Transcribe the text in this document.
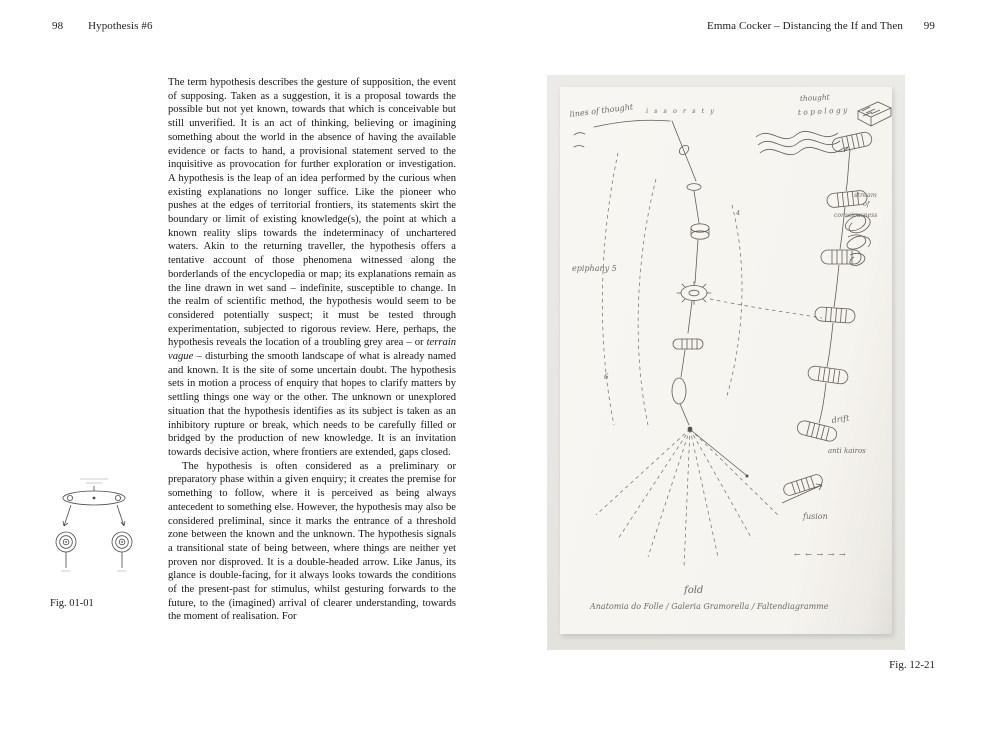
98 Hypothesis #6	Emma Cocker – Distancing the If and Then 99
Fig. 01-01

The term hypothesis describes the gesture of supposition, the event of supposing. Taken as a suggestion, it is a proposal towards the possible but not yet known, towards that which is conceivable but still unverified. It is an act of thinking, believing or imagining something about the world in the absence of having the available evidence or facts to hand, a provisional statement served to the inquisitive as provocation for further exploration or investigation. A hypothesis is the leap of an idea performed by the curious when existing explanations no longer suffice. Like the pioneer who pushes at the edges of territorial frontiers, its statements skirt the boundary or limit of existing knowledge(s), the point at which a known reality slips towards the indeterminacy of unchartered waters. Akin to the returning traveller, the hypothesis offers a tentative account of those phenomena witnessed along the borderlands of the encyclopedia or map; its explanations remain as the line drawn in wet sand – indefinite, susceptible to change. In the realm of scientific method, the hypothesis would seem to be considered potentially suspect; it must be tested through experimentation, subjected to rigorous review. Here, perhaps, the hypothesis reveals the location of a troubling grey area – or terrain vague – disturbing the smooth landscape of what is already named and known. It is the site of some uncertain doubt. The hypothesis sets in motion a process of enquiry that hopes to clarify matters by settling things one way or the other. The unknown or unexplored situation that the hypothesis identifies as its subject is taken as an inhibitory rupture or break, which needs to be carefully filled or bridged by the production of new knowledge. It is an invitation towards decisive action, where frontiers are extended, gaps closed.

The hypothesis is often considered as a preliminary or preparatory phase within a given enquiry; it creates the premise for something to follow, where it is perceived as being always antecedent to something else. However, the hypothesis may also be considered preliminal, since it marks the entrance of a threshold zone between the known and the unknown. The hypothesis signals a transitional state of being between, where things are neither yet proven nor disproved. It is a double-headed arrow. Like Janus, its glance is double-facing, for it always looks towards the conditions of the present-past for stimulus, whilst gesturing forwards to the future, to the (imagined) arrival of clearer understanding, towards the moment of realisation. For

lines of thought i s s o r s t y
thought
t o p o l o g y
stream
of
consciousness
epiphany 5
4
6
drift
anti kairos
fusion
← ← → → →
fold
Anatomia do Folle / Galeria Gramorella / Faltendiagramme
Fig. 12-21
